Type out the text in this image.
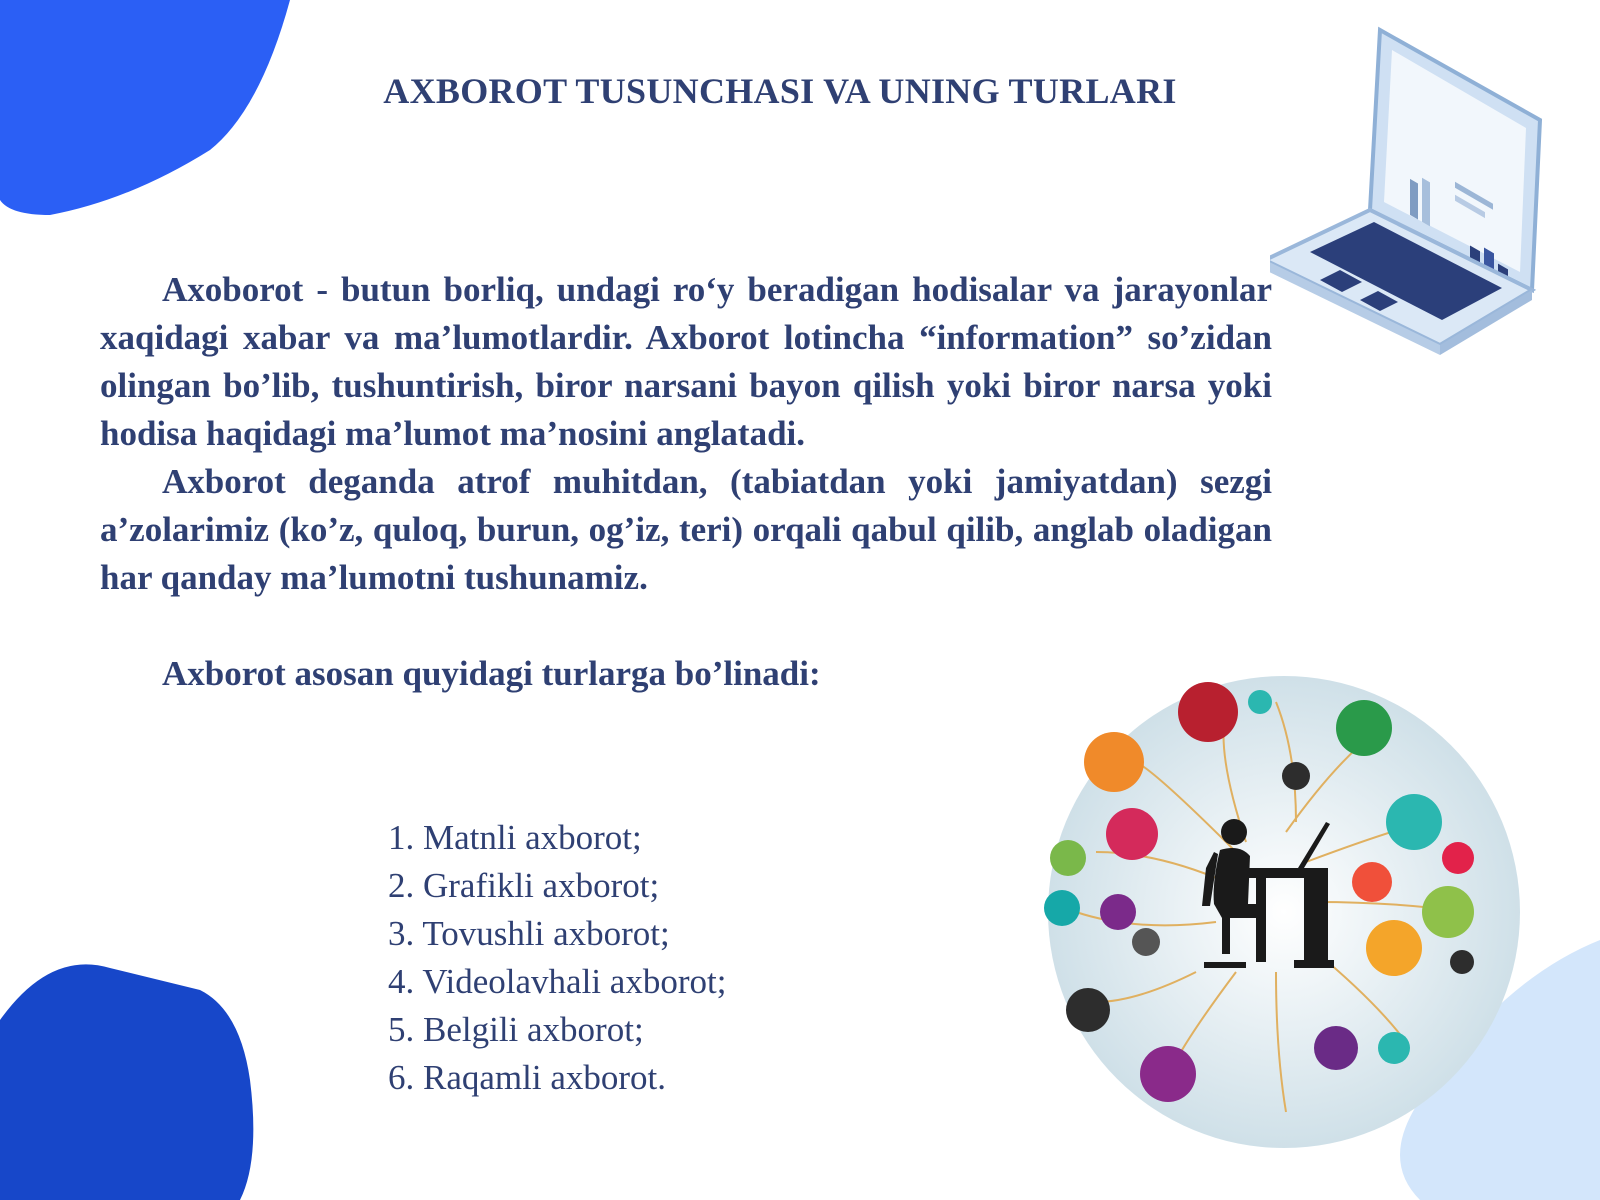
AXBOROT TUSUNCHASI VA UNING TURLARI

Axoborot - butun borliq, undagi ro‘y beradigan hodisalar va jarayonlar xaqidagi xabar va ma’lumotlardir. Axborot lotincha “information” so’zidan olingan bo’lib, tushuntirish, biror narsani bayon qilish yoki biror narsa yoki hodisa haqidagi ma’lumot ma’nosini anglatadi.

Axborot deganda atrof muhitdan, (tabiatdan yoki jamiyatdan) sezgi a’zolarimiz (ko’z, quloq, burun, og’iz, teri) orqali qabul qilib, anglab oladigan har qanday ma’lumotni tushunamiz.

Axborot asosan quyidagi turlarga bo’linadi:

1. Matnli axborot;
2. Grafikli axborot;
3. Tovushli axborot;
4. Videolavhali axborot;
5. Belgili axborot;
6. Raqamli axborot.
